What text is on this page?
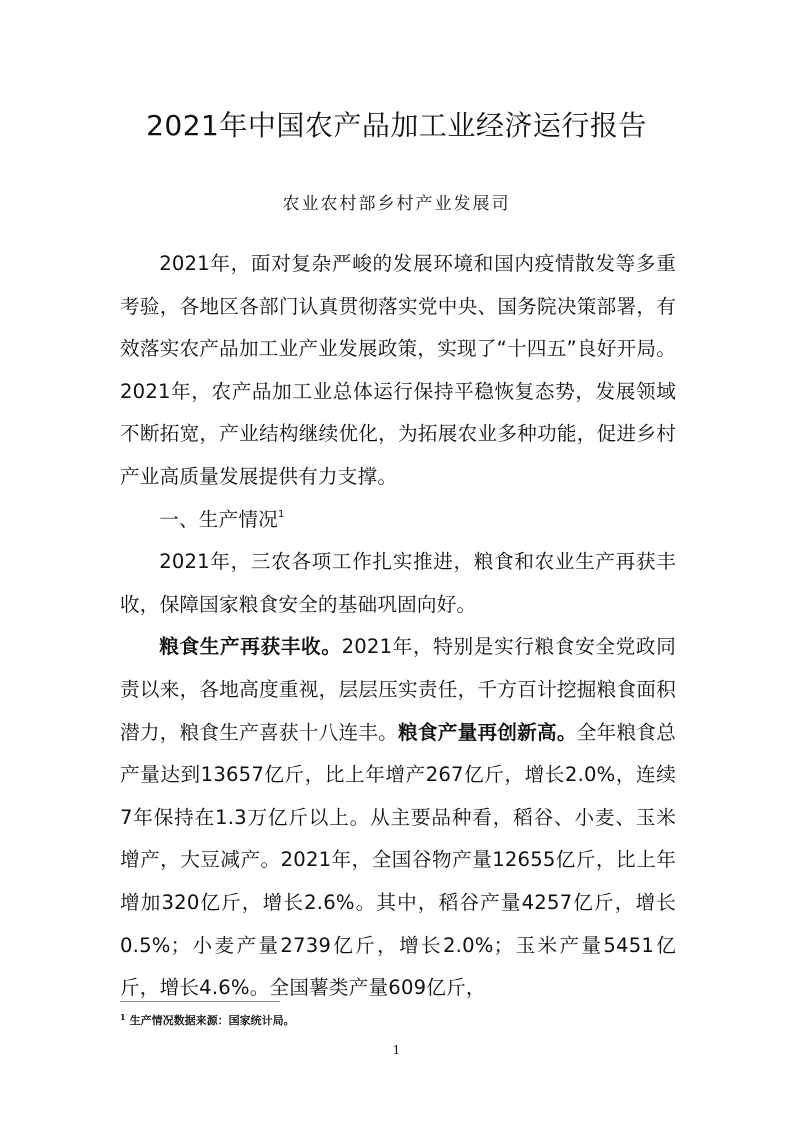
2021年中国农产品加工业经济运行报告
农业农村部乡村产业发展司

2021年，面对复杂严峻的发展环境和国内疫情散发等多重考验，各地区各部门认真贯彻落实党中央、国务院决策部署，有效落实农产品加工业产业发展政策，实现了“十四五”良好开局。2021年，农产品加工业总体运行保持平稳恢复态势，发展领域不断拓宽，产业结构继续优化，为拓展农业多种功能，促进乡村产业高质量发展提供有力支撑。

一、生产情况$^1$

2021年，三农各项工作扎实推进，粮食和农业生产再获丰收，保障国家粮食安全的基础巩固向好。

粮食生产再获丰收。2021年，特别是实行粮食安全党政同责以来，各地高度重视，层层压实责任，千方百计挖掘粮食面积潜力，粮食生产喜获十八连丰。粮食产量再创新高。全年粮食总产量达到13657亿斤，比上年增产267亿斤，增长2.0%，连续7年保持在1.3万亿斤以上。从主要品种看，稻谷、小麦、玉米增产，大豆减产。2021年，全国谷物产量12655亿斤，比上年增加320亿斤，增长2.6%。其中，稻谷产量4257亿斤，增长0.5%；小麦产量2739亿斤，增长2.0%；玉米产量5451亿斤，增长4.6%。全国薯类产量609亿斤，

$^1$ 生产情况数据来源：国家统计局。
1
